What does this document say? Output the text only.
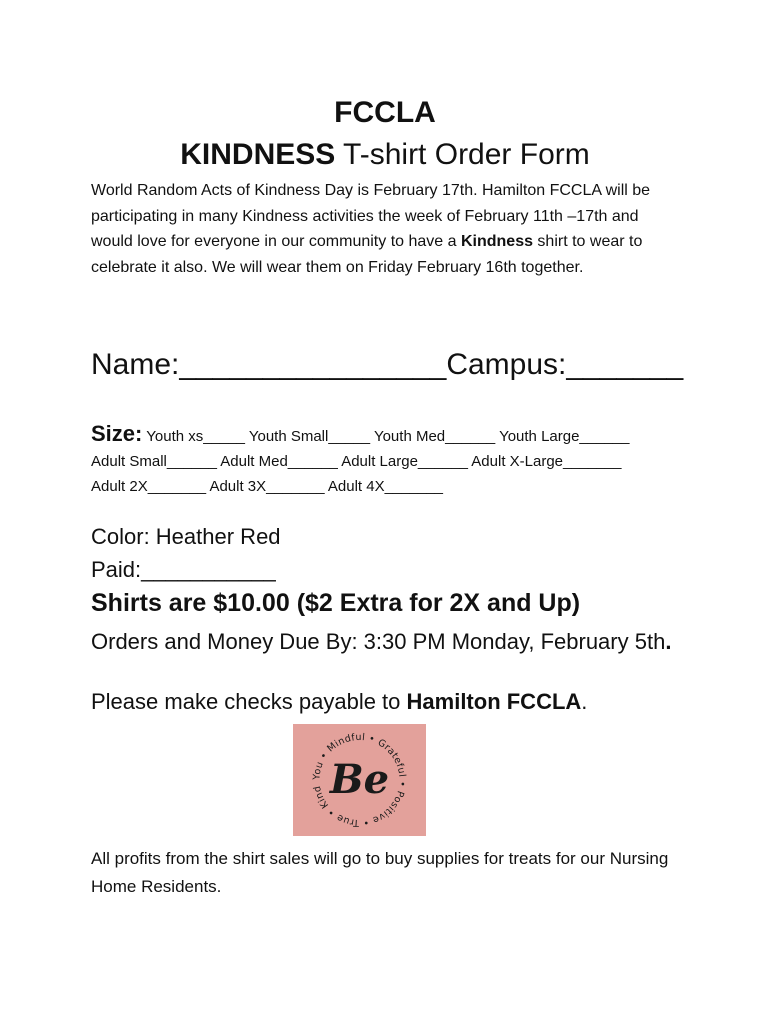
FCCLA
KINDNESS T-shirt Order Form
World Random Acts of Kindness Day is February 17th. Hamilton FCCLA will be participating in many Kindness activities the week of February 11th –17th and would love for everyone in our community to have a Kindness shirt to wear to celebrate it also. We will wear them on Friday February 16th together.
Name:________________Campus:_______
Size: Youth xs_____ Youth Small_____ Youth Med______ Youth Large______
Adult Small______ Adult Med______ Adult Large______ Adult X-Large_______
Adult 2X_______ Adult 3X_______ Adult 4X_______
Color: Heather Red
Paid:___________
Shirts are $10.00 ($2 Extra for 2X and Up)
Orders and Money Due By: 3:30 PM Monday, February 5th.
Please make checks payable to Hamilton FCCLA.
You • Mindful • Grateful • Positive • True • Kind Be
All profits from the shirt sales will go to buy supplies for treats for our Nursing Home Residents.
